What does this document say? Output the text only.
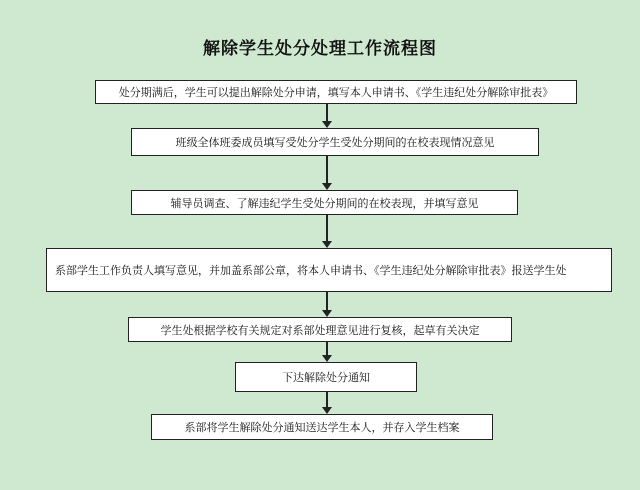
解除学生处分处理工作流程图
处分期满后，学生可以提出解除处分申请，填写本人申请书、《学生违纪处分解除审批表》
班级全体班委成员填写受处分学生受处分期间的在校表现情况意见
辅导员调查、了解违纪学生受处分期间的在校表现，并填写意见
系部学生工作负责人填写意见，并加盖系部公章，将本人申请书、《学生违纪处分解除审批表》报送学生处
学生处根据学校有关规定对系部处理意见进行复核，起草有关决定
下达解除处分通知
系部将学生解除处分通知送达学生本人，并存入学生档案
